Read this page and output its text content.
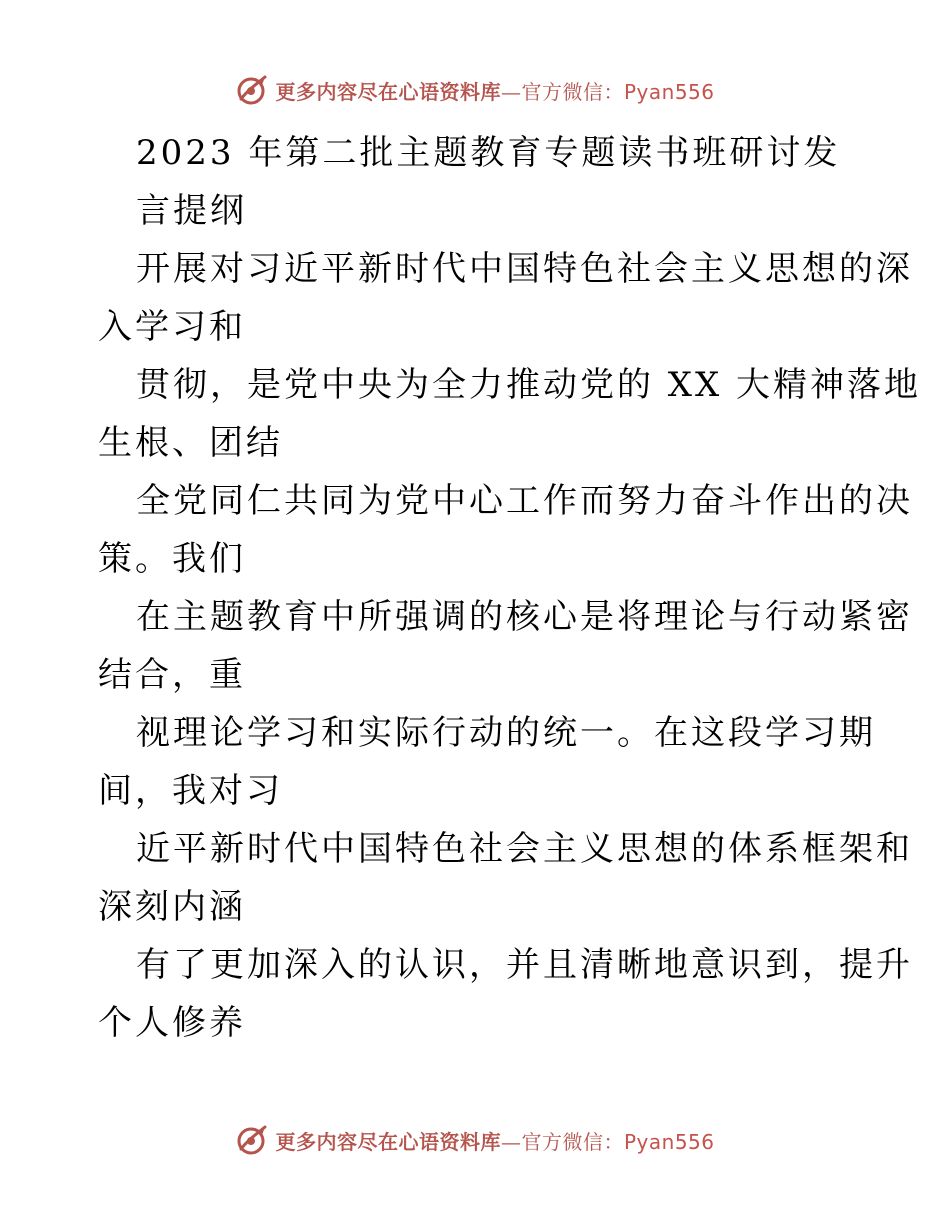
更多内容尽在心语资料库—官方微信：Pyan556
2023 年第二批主题教育专题读书班研讨发
言提纲
开展对习近平新时代中国特色社会主义思想的深
入学习和
贯彻，是党中央为全力推动党的 XX 大精神落地
生根、团结
全党同仁共同为党中心工作而努力奋斗作出的决
策。我们
在主题教育中所强调的核心是将理论与行动紧密
结合，重
视理论学习和实际行动的统一。在这段学习期
间，我对习
近平新时代中国特色社会主义思想的体系框架和
深刻内涵
有了更加深入的认识，并且清晰地意识到，提升
个人修养
更多内容尽在心语资料库—官方微信：Pyan556
